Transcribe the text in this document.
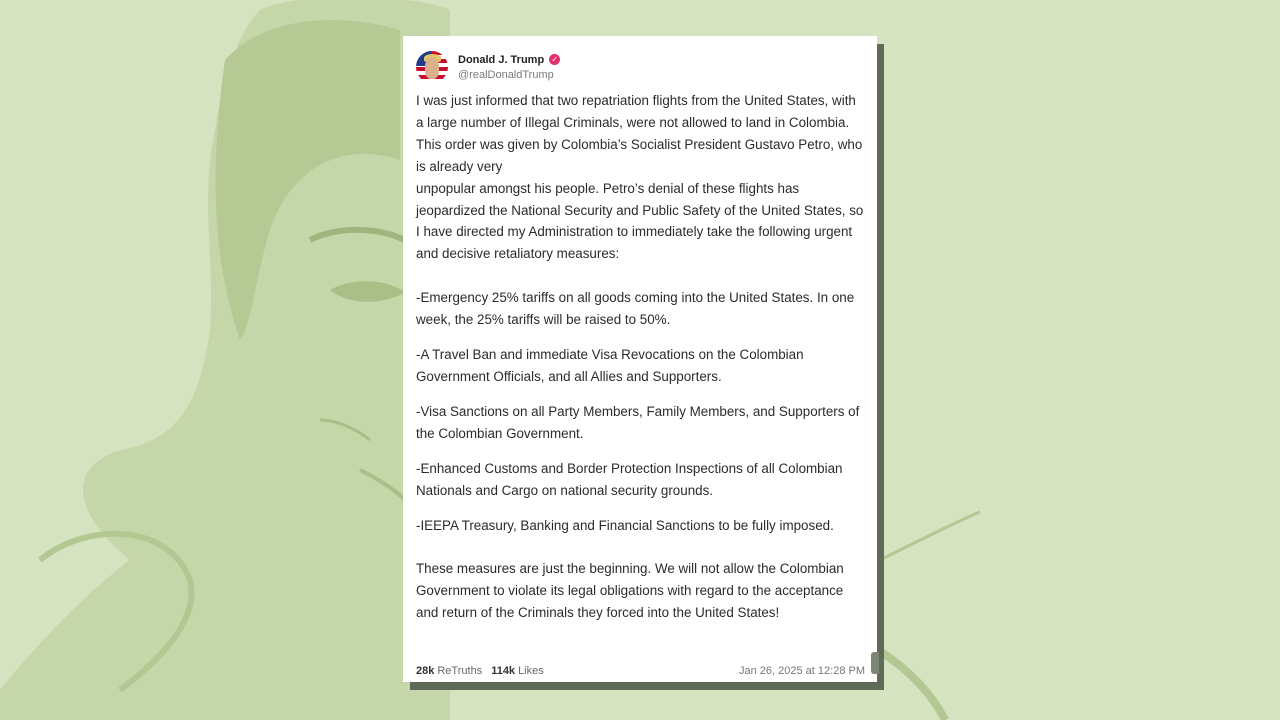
Donald J. Trump ✓
@realDonaldTrump

I was just informed that two repatriation flights from the United States, with a large number of Illegal Criminals, were not allowed to land in Colombia. This order was given by Colombia’s Socialist President Gustavo Petro, who is already very

unpopular amongst his people. Petro’s denial of these flights has jeopardized the National Security and Public Safety of the United States, so I have directed my Administration to immediately take the following urgent and decisive retaliatory measures:

-Emergency 25% tariffs on all goods coming into the United States. In one week, the 25% tariffs will be raised to 50%.

-A Travel Ban and immediate Visa Revocations on the Colombian Government Officials, and all Allies and Supporters.

-Visa Sanctions on all Party Members, Family Members, and Supporters of the Colombian Government.

-Enhanced Customs and Border Protection Inspections of all Colombian Nationals and Cargo on national security grounds.

-IEEPA Treasury, Banking and Financial Sanctions to be fully imposed.

These measures are just the beginning. We will not allow the Colombian Government to violate its legal obligations with regard to the acceptance and return of the Criminals they forced into the United States!

28k ReTruths 114k Likes	Jan 26, 2025 at 12:28 PM
